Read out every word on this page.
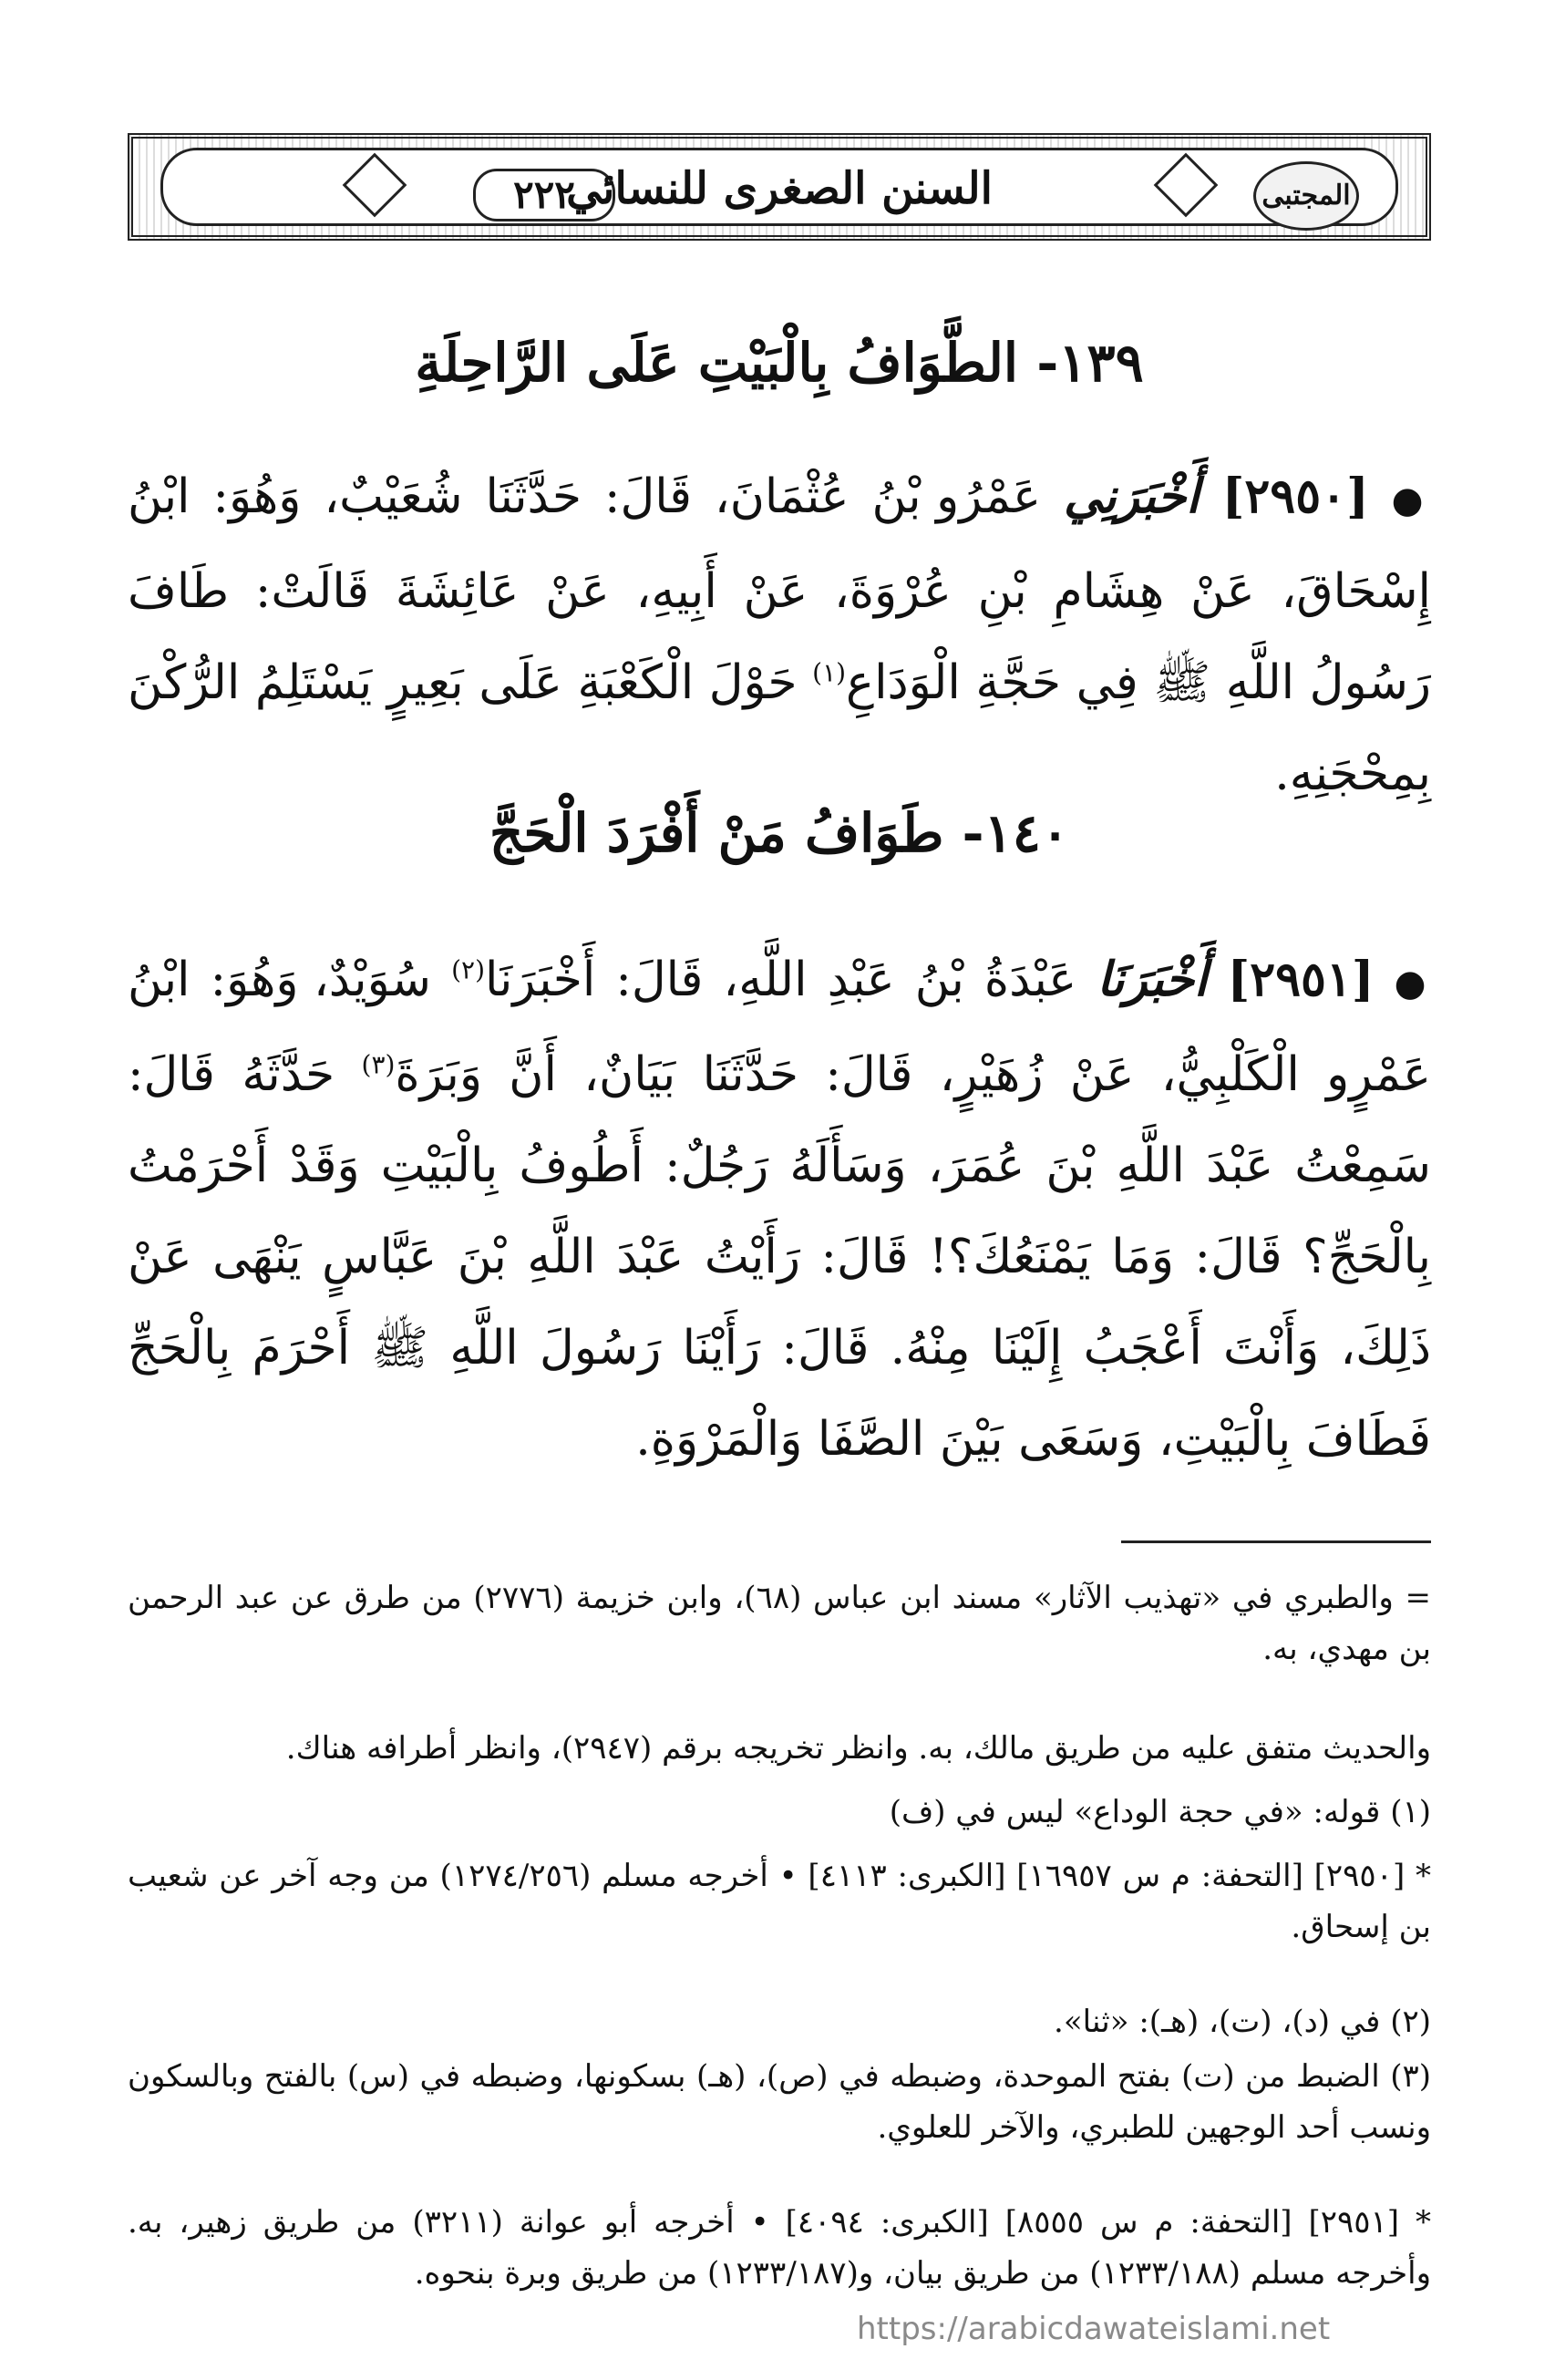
٢٢٢
السنن الصغرى للنسائي	المجتبى
١٣٩- الطَّوَافُ بِالْبَيْتِ عَلَى الرَّاحِلَةِ
● [٢٩٥٠] أَخْبَرَنِي عَمْرُو بْنُ عُثْمَانَ، قَالَ: حَدَّثَنَا شُعَيْبٌ، وَهُوَ: ابْنُ إِسْحَاقَ، عَنْ هِشَامِ بْنِ عُرْوَةَ، عَنْ أَبِيهِ، عَنْ عَائِشَةَ قَالَتْ: طَافَ رَسُولُ اللَّهِ ﷺ فِي حَجَّةِ الْوَدَاعِ$^{(١)}$ حَوْلَ الْكَعْبَةِ عَلَى بَعِيرٍ يَسْتَلِمُ الرُّكْنَ بِمِحْجَنِهِ.
١٤٠- طَوَافُ مَنْ أَفْرَدَ الْحَجَّ
● [٢٩٥١] أَخْبَرَنَا عَبْدَةُ بْنُ عَبْدِ اللَّهِ، قَالَ: أَخْبَرَنَا$^{(٢)}$ سُوَيْدٌ، وَهُوَ: ابْنُ عَمْرٍو الْكَلْبِيُّ، عَنْ زُهَيْرٍ، قَالَ: حَدَّثَنَا بَيَانٌ، أَنَّ وَبَرَةَ$^{(٣)}$ حَدَّثَهُ قَالَ: سَمِعْتُ عَبْدَ اللَّهِ بْنَ عُمَرَ، وَسَأَلَهُ رَجُلٌ: أَطُوفُ بِالْبَيْتِ وَقَدْ أَحْرَمْتُ بِالْحَجِّ؟ قَالَ: وَمَا يَمْنَعُكَ؟! قَالَ: رَأَيْتُ عَبْدَ اللَّهِ بْنَ عَبَّاسٍ يَنْهَى عَنْ ذَلِكَ، وَأَنْتَ أَعْجَبُ إِلَيْنَا مِنْهُ. قَالَ: رَأَيْنَا رَسُولَ اللَّهِ ﷺ أَحْرَمَ بِالْحَجِّ فَطَافَ بِالْبَيْتِ، وَسَعَى بَيْنَ الصَّفَا وَالْمَرْوَةِ.
= والطبري في «تهذيب الآثار» مسند ابن عباس (٦٨)، وابن خزيمة (٢٧٧٦) من طرق عن عبد الرحمن بن مهدي، به.
والحديث متفق عليه من طريق مالك، به. وانظر تخريجه برقم (٢٩٤٧)، وانظر أطرافه هناك.
(١) قوله: «في حجة الوداع» ليس في (ف)
* [٢٩٥٠] [التحفة: م س ١٦٩٥٧] [الكبرى: ٤١١٣] • أخرجه مسلم (١٢٧٤/٢٥٦) من وجه آخر عن شعيب بن إسحاق.
(٢) في (د)، (ت)، (هـ): «ثنا».
(٣) الضبط من (ت) بفتح الموحدة، وضبطه في (ص)، (هـ) بسكونها، وضبطه في (س) بالفتح وبالسكون ونسب أحد الوجهين للطبري، والآخر للعلوي.
* [٢٩٥١] [التحفة: م س ٨٥٥٥] [الكبرى: ٤٠٩٤] • أخرجه أبو عوانة (٣٢١١) من طريق زهير، به. وأخرجه مسلم (١٢٣٣/١٨٨) من طريق بيان، و(١٢٣٣/١٨٧) من طريق وبرة بنحوه.
https://arabicdawateislami.net
